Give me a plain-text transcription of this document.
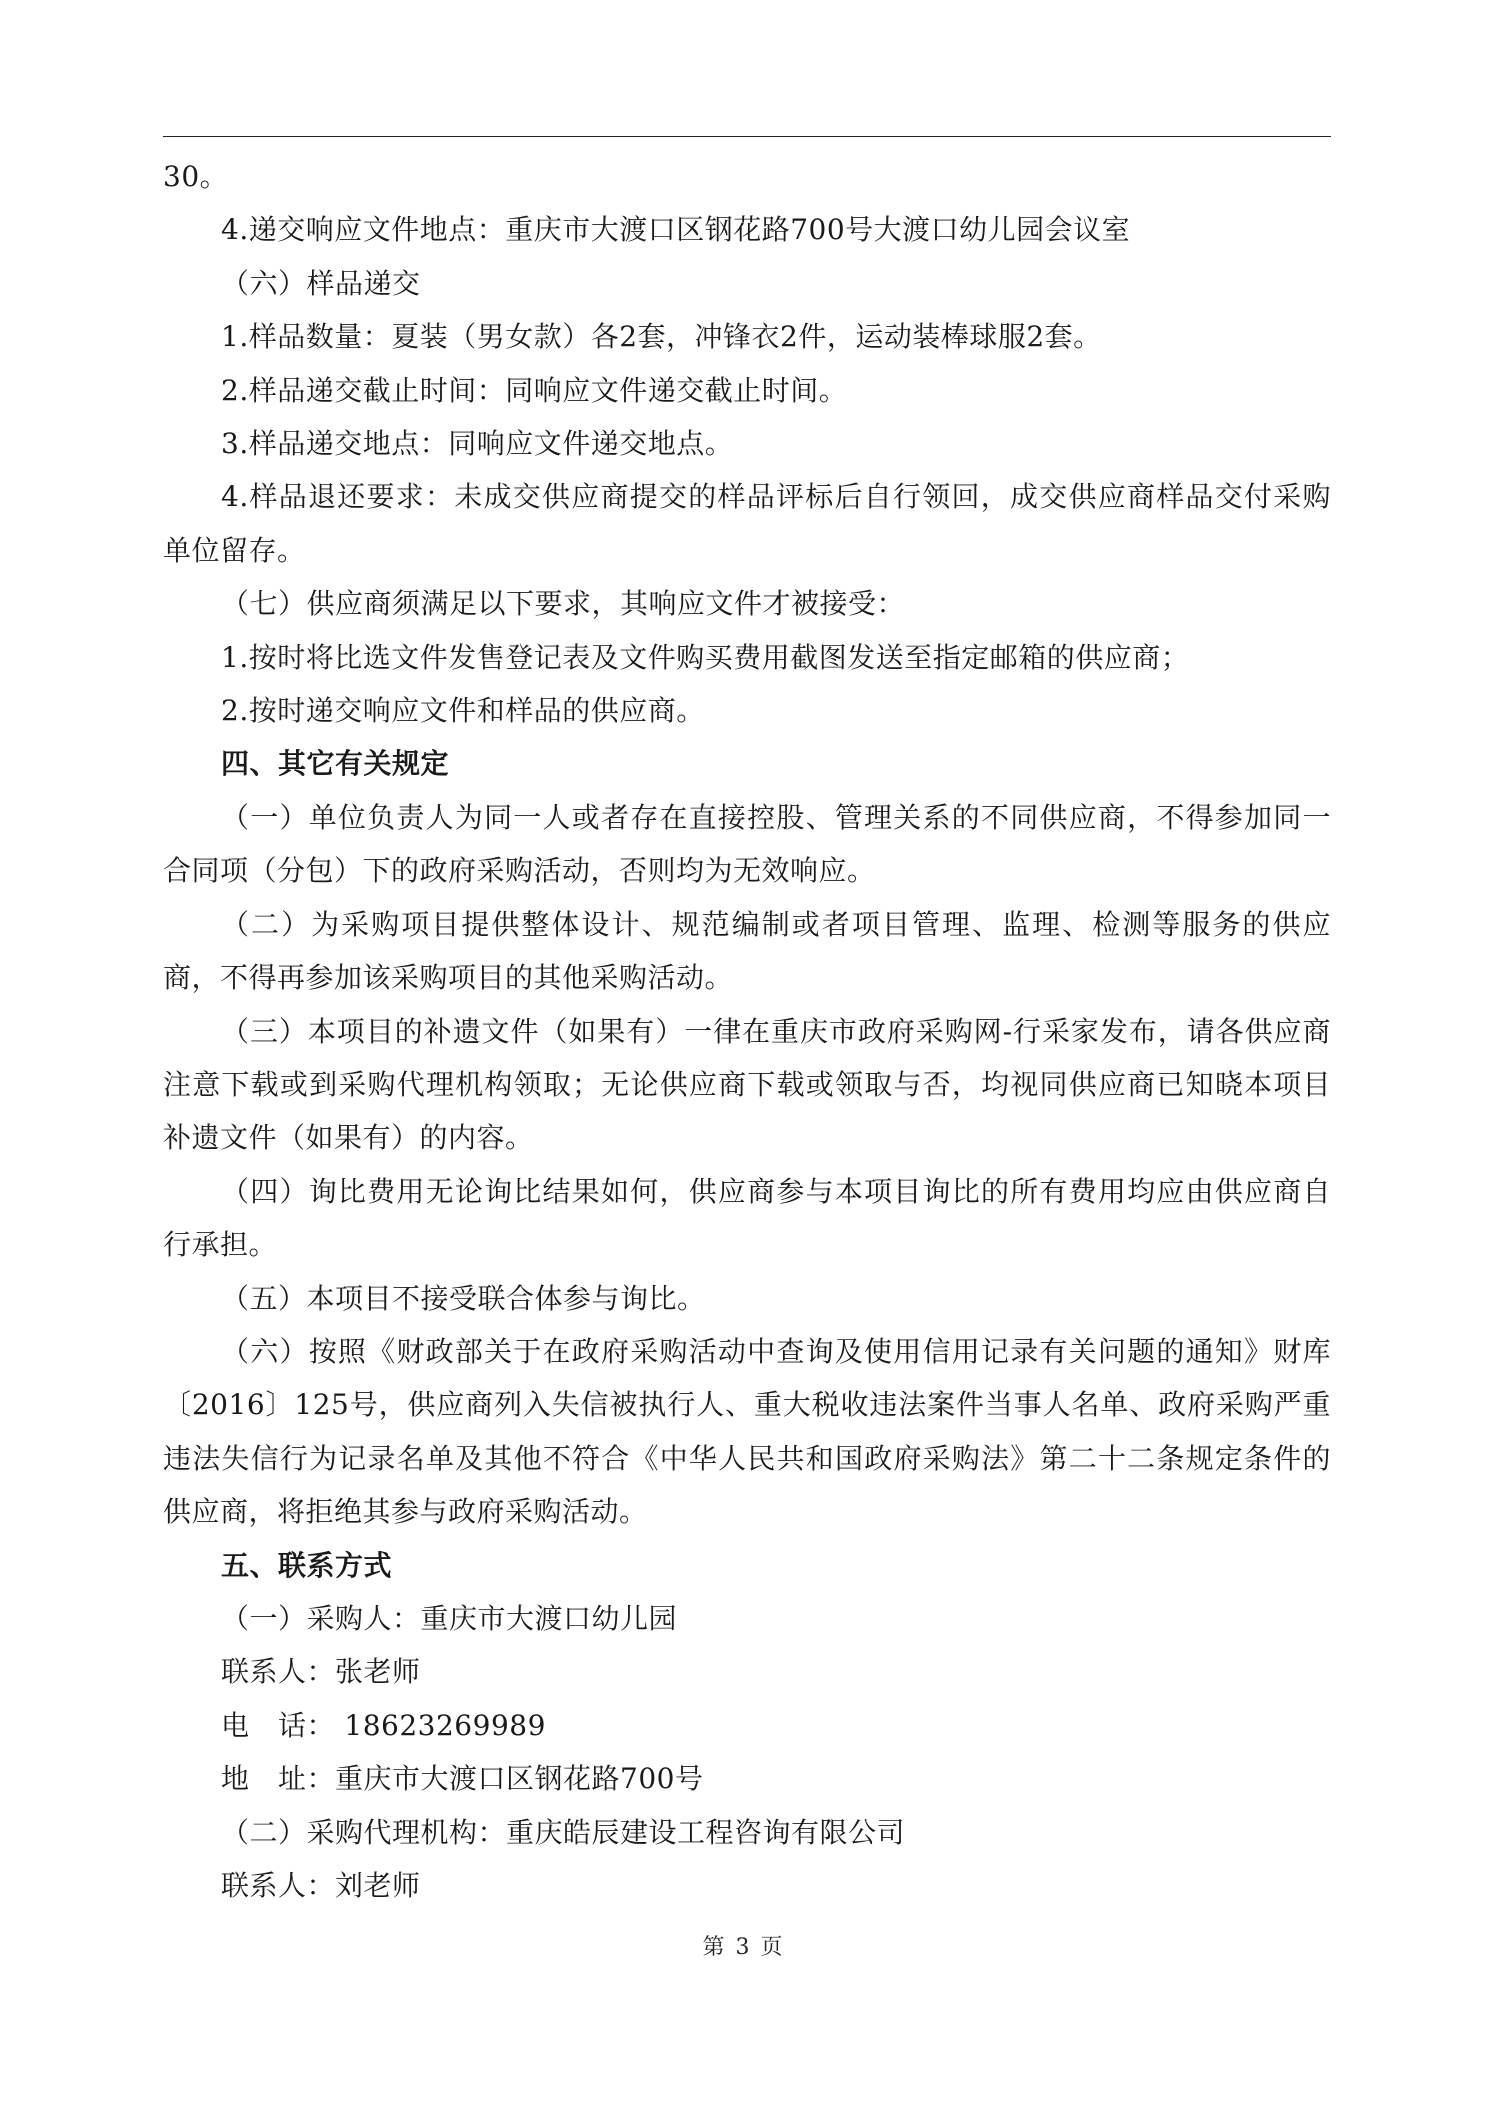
30。

4.递交响应文件地点：重庆市大渡口区钢花路700号大渡口幼儿园会议室

（六）样品递交

1.样品数量：夏装（男女款）各2套，冲锋衣2件，运动装棒球服2套。

2.样品递交截止时间：同响应文件递交截止时间。

3.样品递交地点：同响应文件递交地点。

4.样品退还要求：未成交供应商提交的样品评标后自行领回，成交供应商样品交付采购单位留存。

（七）供应商须满足以下要求，其响应文件才被接受：

1.按时将比选文件发售登记表及文件购买费用截图发送至指定邮箱的供应商；

2.按时递交响应文件和样品的供应商。

四、其它有关规定

（一）单位负责人为同一人或者存在直接控股、管理关系的不同供应商，不得参加同一合同项（分包）下的政府采购活动，否则均为无效响应。

（二）为采购项目提供整体设计、规范编制或者项目管理、监理、检测等服务的供应商，不得再参加该采购项目的其他采购活动。

（三）本项目的补遗文件（如果有）一律在重庆市政府采购网-行采家发布，请各供应商注意下载或到采购代理机构领取；无论供应商下载或领取与否，均视同供应商已知晓本项目补遗文件（如果有）的内容。

（四）询比费用无论询比结果如何，供应商参与本项目询比的所有费用均应由供应商自行承担。

（五）本项目不接受联合体参与询比。

（六）按照《财政部关于在政府采购活动中查询及使用信用记录有关问题的通知》财库〔2016〕125号，供应商列入失信被执行人、重大税收违法案件当事人名单、政府采购严重违法失信行为记录名单及其他不符合《中华人民共和国政府采购法》第二十二条规定条件的供应商，将拒绝其参与政府采购活动。

五、联系方式

（一）采购人：重庆市大渡口幼儿园

联系人：张老师

电　话： 18623269989

地　址：重庆市大渡口区钢花路700号

（二）采购代理机构：重庆皓辰建设工程咨询有限公司

联系人：刘老师

第 3 页
